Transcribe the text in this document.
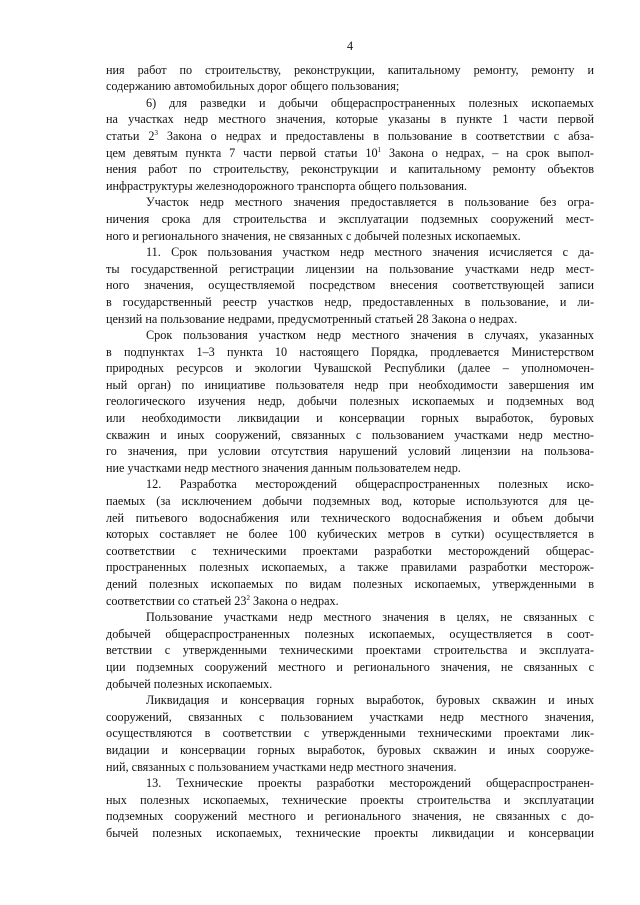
4
ния работ по строительству, реконструкции, капитальному ремонту, ремонту и
содержанию автомобильных дорог общего пользования;
6) для разведки и добычи общераспространенных полезных ископаемых
на участках недр местного значения, которые указаны в пункте 1 части первой
статьи $2^3$ Закона о недрах и предоставлены в пользование в соответствии с абза-
цем девятым пункта 7 части первой статьи $10^1$ Закона о недрах, – на срок выпол-
нения работ по строительству, реконструкции и капитальному ремонту объектов
инфраструктуры железнодорожного транспорта общего пользования.
Участок недр местного значения предоставляется в пользование без огра-
ничения срока для строительства и эксплуатации подземных сооружений мест-
ного и регионального значения, не связанных с добычей полезных ископаемых.
11. Срок пользования участком недр местного значения исчисляется с да-
ты государственной регистрации лицензии на пользование участками недр мест-
ного значения, осуществляемой посредством внесения соответствующей записи
в государственный реестр участков недр, предоставленных в пользование, и ли-
цензий на пользование недрами, предусмотренный статьей 28 Закона о недрах.
Срок пользования участком недр местного значения в случаях, указанных
в подпунктах 1–3 пункта 10 настоящего Порядка, продлевается Министерством
природных ресурсов и экологии Чувашской Республики (далее – уполномочен-
ный орган) по инициативе пользователя недр при необходимости завершения им
геологического изучения недр, добычи полезных ископаемых и подземных вод
или необходимости ликвидации и консервации горных выработок, буровых
скважин и иных сооружений, связанных с пользованием участками недр местно-
го значения, при условии отсутствия нарушений условий лицензии на пользова-
ние участками недр местного значения данным пользователем недр.
12. Разработка месторождений общераспространенных полезных иско-
паемых (за исключением добычи подземных вод, которые используются для це-
лей питьевого водоснабжения или технического водоснабжения и объем добычи
которых составляет не более 100 кубических метров в сутки) осуществляется в
соответствии с техническими проектами разработки месторождений общерас-
пространенных полезных ископаемых, а также правилами разработки месторож-
дений полезных ископаемых по видам полезных ископаемых, утвержденными в
соответствии со статьей $23^2$ Закона о недрах.
Пользование участками недр местного значения в целях, не связанных с
добычей общераспространенных полезных ископаемых, осуществляется в соот-
ветствии с утвержденными техническими проектами строительства и эксплуата-
ции подземных сооружений местного и регионального значения, не связанных с
добычей полезных ископаемых.
Ликвидация и консервация горных выработок, буровых скважин и иных
сооружений, связанных с пользованием участками недр местного значения,
осуществляются в соответствии с утвержденными техническими проектами лик-
видации и консервации горных выработок, буровых скважин и иных сооруже-
ний, связанных с пользованием участками недр местного значения.
13. Технические проекты разработки месторождений общераспространен-
ных полезных ископаемых, технические проекты строительства и эксплуатации
подземных сооружений местного и регионального значения, не связанных с до-
бычей полезных ископаемых, технические проекты ликвидации и консервации
